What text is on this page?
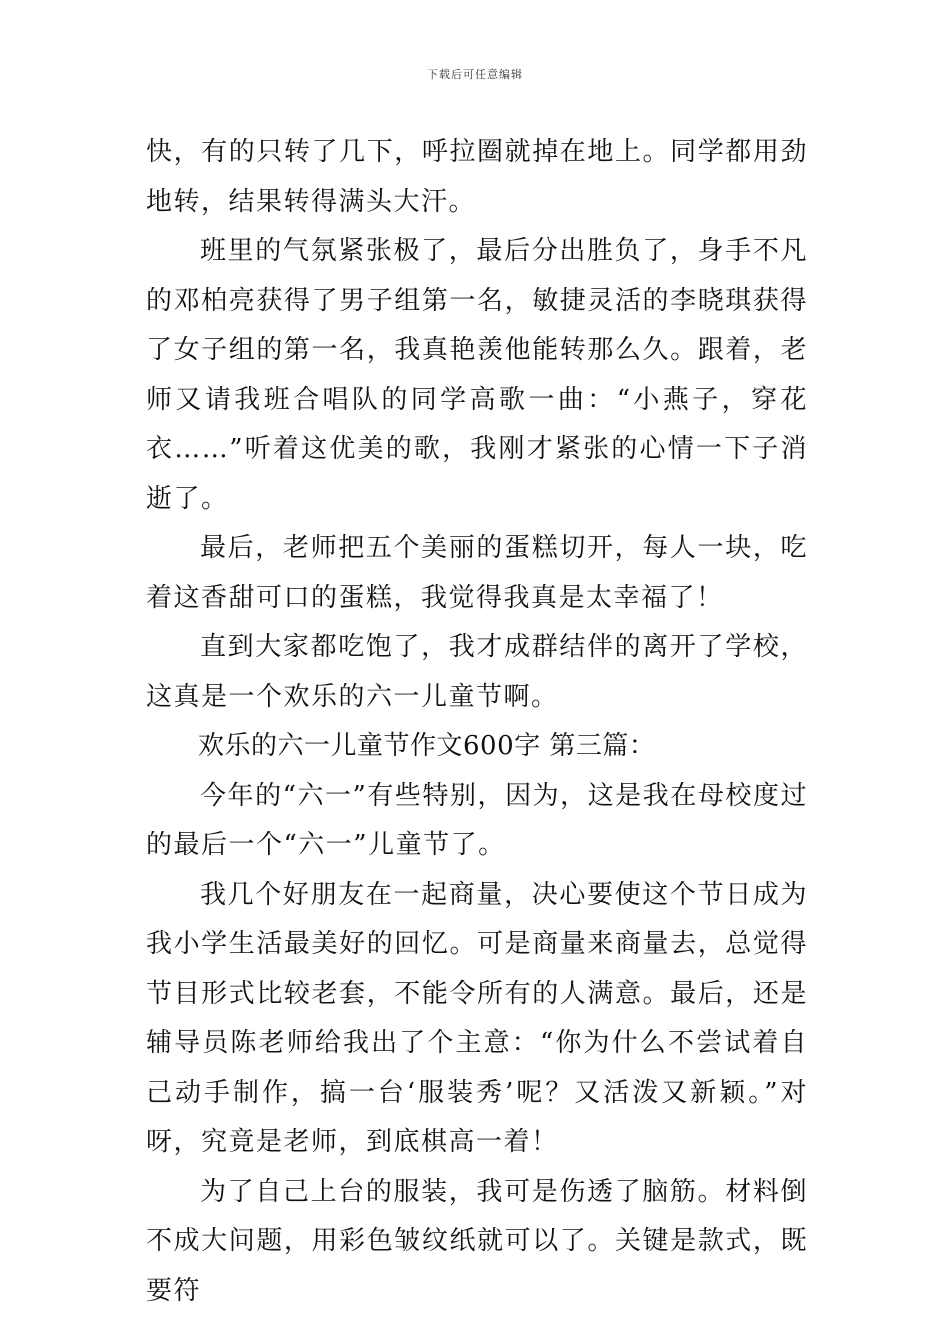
下载后可任意编辑

快，有的只转了几下，呼拉圈就掉在地上。同学都用劲地转，结果转得满头大汗。

班里的气氛紧张极了，最后分出胜负了，身手不凡的邓柏亮获得了男子组第一名，敏捷灵活的李晓琪获得了女子组的第一名，我真艳羡他能转那么久。跟着，老师又请我班合唱队的同学高歌一曲：“小燕子，穿花衣……”听着这优美的歌，我刚才紧张的心情一下子消逝了。

最后，老师把五个美丽的蛋糕切开，每人一块，吃着这香甜可口的蛋糕，我觉得我真是太幸福了！

直到大家都吃饱了，我才成群结伴的离开了学校，这真是一个欢乐的六一儿童节啊。

欢乐的六一儿童节作文600字 第三篇：

今年的“六一”有些特别，因为，这是我在母校度过的最后一个“六一”儿童节了。

我几个好朋友在一起商量，决心要使这个节日成为我小学生活最美好的回忆。可是商量来商量去，总觉得节目形式比较老套，不能令所有的人满意。最后，还是辅导员陈老师给我出了个主意：“你为什么不尝试着自己动手制作，搞一台‘服装秀’呢？又活泼又新颖。”对呀，究竟是老师，到底棋高一着！

为了自己上台的服装，我可是伤透了脑筋。材料倒不成大问题，用彩色皱纹纸就可以了。关键是款式，既要符
